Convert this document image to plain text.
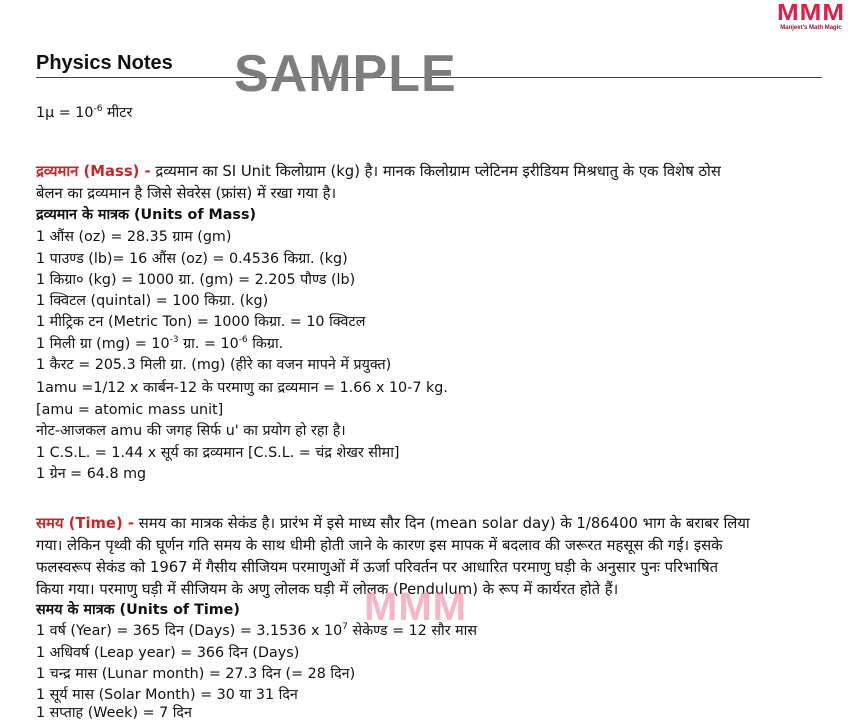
MMM
Manjeet's Math Magic
Physics Notes SAMPLE
$1\mu = 10^{-6}$ मीटर
द्रव्यमान (Mass) - द्रव्यमान का SI Unit किलोग्राम (kg) है। मानक किलोग्राम प्लेटिनम इरीडियम मिश्रधातु के एक विशेष ठोस
बेलन का द्रव्यमान है जिसे सेवरेस (फ्रांस) में रखा गया है।
द्रव्यमान के मात्रक (Units of Mass)
1 औंस (oz) = 28.35 ग्राम (gm)
1 पाउण्ड (lb)= 16 औंस (oz) = 0.4536 किग्रा. (kg)
1 किग्रा० (kg) = 1000 ग्रा. (gm) = 2.205 पौण्ड (lb)
1 क्विटल (quintal) = 100 किग्रा. (kg)
1 मीट्रिक टन (Metric Ton) = 1000 किग्रा. = 10 क्विटल
1 मिली ग्रा $(mg) = 10^{-3}$ ग्रा. = $10^{-6}$ किग्रा.
1 कैरट = 205.3 मिली ग्रा. (mg) (हीरे का वजन मापने में प्रयुक्त)
1amu =1/12 x कार्बन-12 के परमाणु का द्रव्यमान = 1.66 x 10-7 kg.
[amu = atomic mass unit]
नोट-आजकल amu की जगह सिर्फ u' का प्रयोग हो रहा है।
1 C.S.L. = 1.44 x सूर्य का द्रव्यमान [C.S.L. = चंद्र शेखर सीमा]
1 ग्रेन = 64.8 mg
समय (Time) - समय का मात्रक सेकंड है। प्रारंभ में इसे माध्य सौर दिन (mean solar day) के 1/86400 भाग के बराबर लिया
गया। लेकिन पृथ्वी की घूर्णन गति समय के साथ धीमी होती जाने के कारण इस मापक में बदलाव की जरूरत महसूस की गई। इसके
फलस्वरूप सेकंड को 1967 में गैसीय सीजियम परमाणुओं में ऊर्जा परिवर्तन पर आधारित परमाणु घड़ी के अनुसार पुनः परिभाषित
किया गया। परमाणु घड़ी में सीजियम के अणु लोलक घड़ी में लोलक (Pendulum) के रूप में कार्यरत होते हैं।
समय के मात्रक (Units of Time)
1 वर्ष (Year) = 365 दिन (Days) = 3.1536 x $10^7$ सेकेण्ड = 12 सौर मास
1 अधिवर्ष (Leap year) = 366 दिन (Days)
1 चन्द्र मास (Lunar month) = 27.3 दिन (= 28 दिन)
1 सूर्य मास (Solar Month) = 30 या 31 दिन
1 सप्ताह (Week) = 7 दिन
MMM
